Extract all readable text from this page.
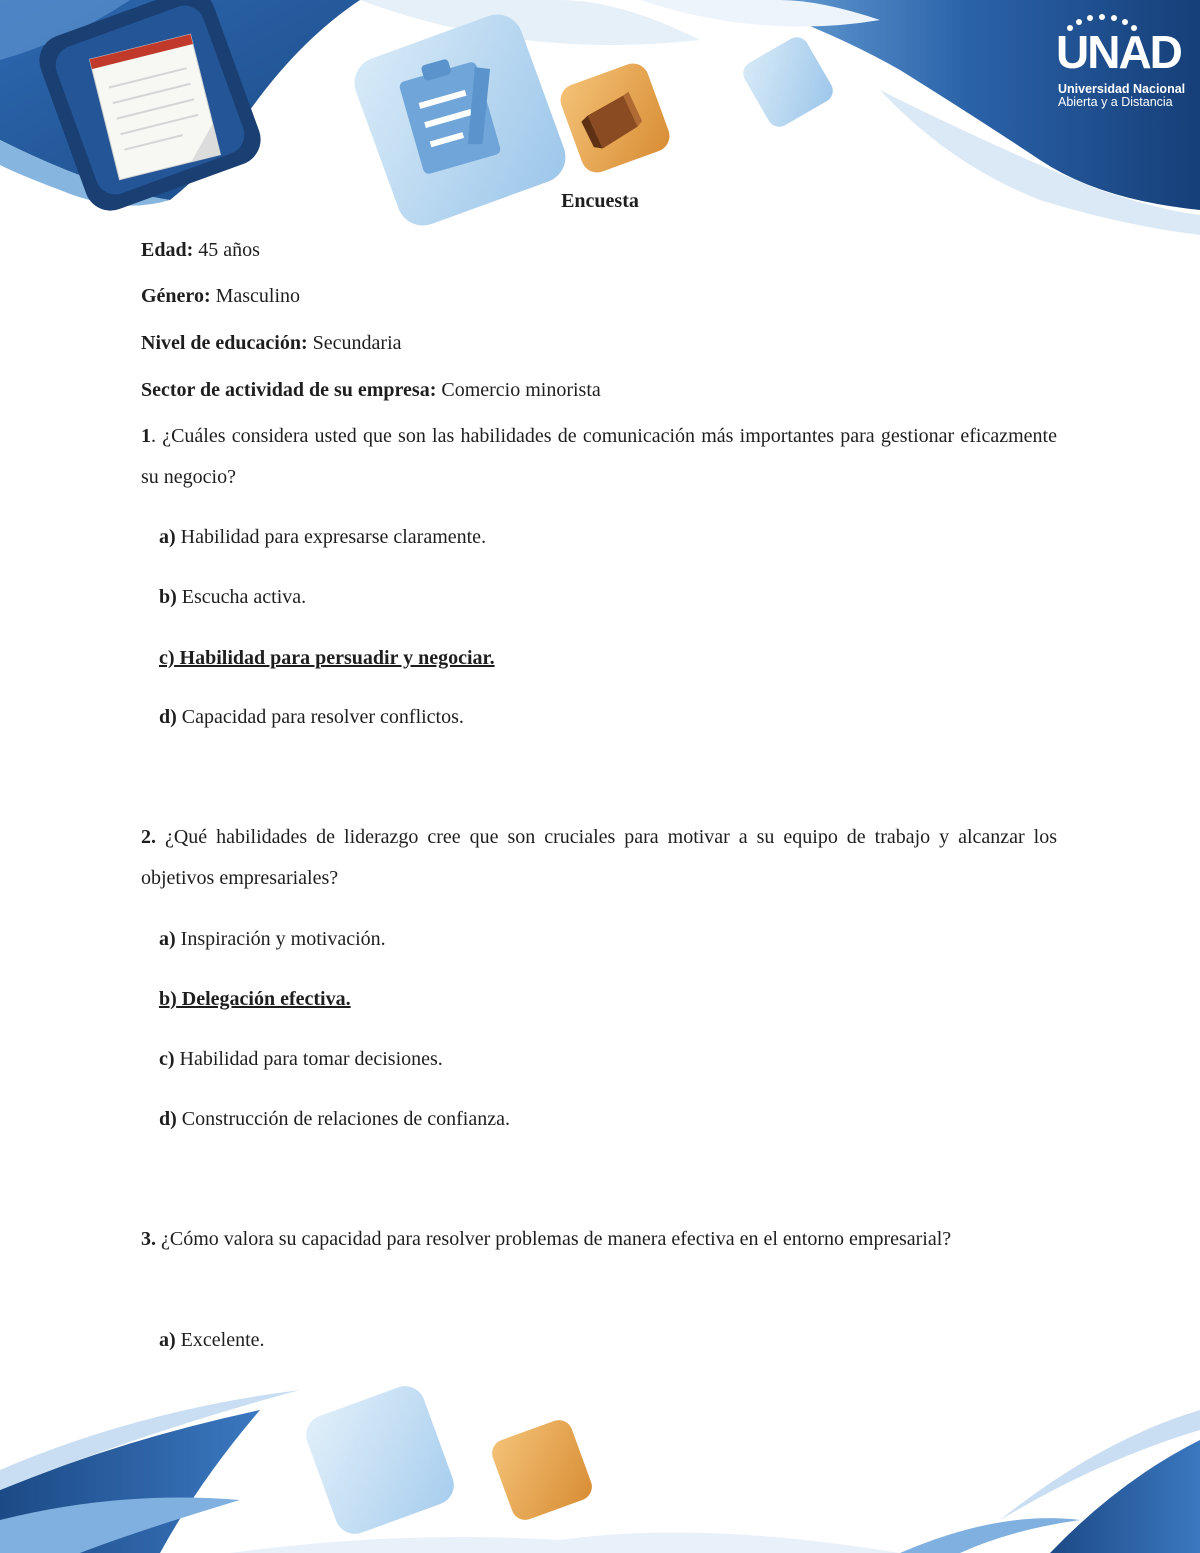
UNAD
Universidad Nacional
Abierta y a Distancia
Encuesta
Edad: 45 años
Género: Masculino
Nivel de educación: Secundaria
Sector de actividad de su empresa: Comercio minorista
1. ¿Cuáles considera usted que son las habilidades de comunicación más importantes para gestionar eficazmente su negocio?
a) Habilidad para expresarse claramente.
b) Escucha activa.
c) Habilidad para persuadir y negociar.
d) Capacidad para resolver conflictos.
2. ¿Qué habilidades de liderazgo cree que son cruciales para motivar a su equipo de trabajo y alcanzar los objetivos empresariales?
a) Inspiración y motivación.
b) Delegación efectiva.
c) Habilidad para tomar decisiones.
d) Construcción de relaciones de confianza.
3. ¿Cómo valora su capacidad para resolver problemas de manera efectiva en el entorno empresarial?
a) Excelente.
